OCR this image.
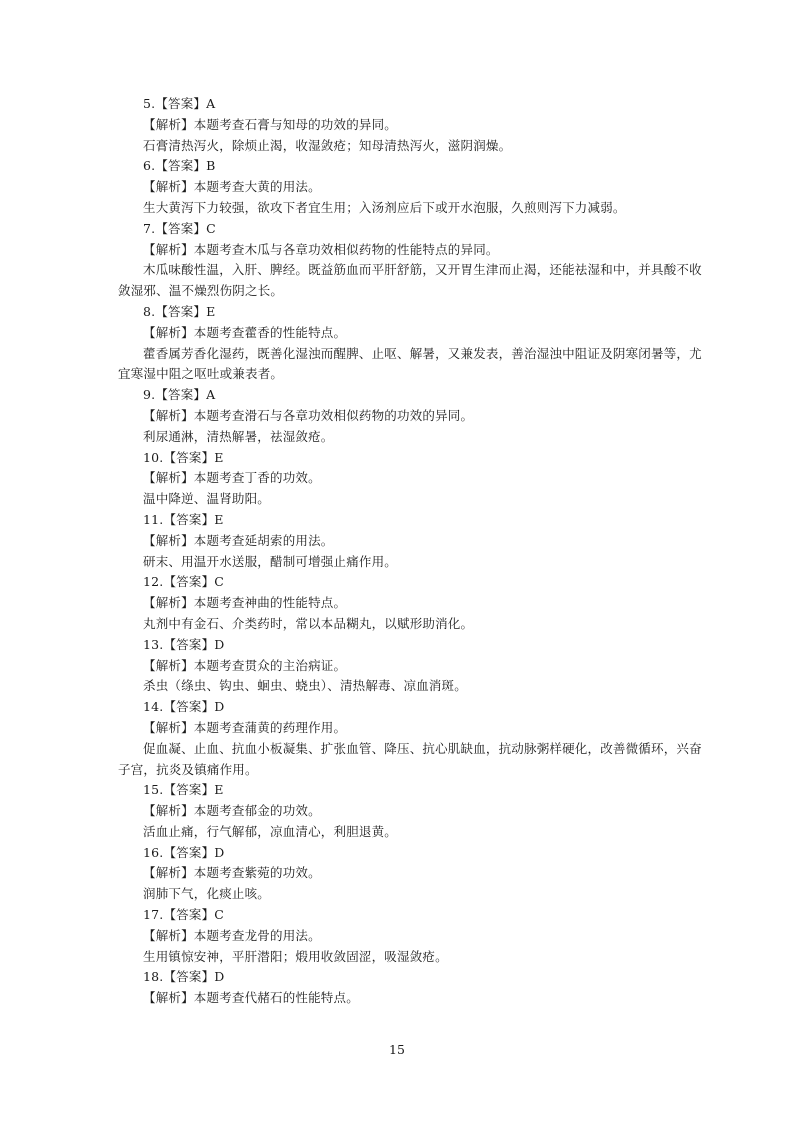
5.【答案】A
【解析】本题考查石膏与知母的功效的异同。
石膏清热泻火，除烦止渴，收湿敛疮；知母清热泻火，滋阴润燥。
6.【答案】B
【解析】本题考查大黄的用法。
生大黄泻下力较强，欲攻下者宜生用；入汤剂应后下或开水泡服，久煎则泻下力减弱。
7.【答案】C
【解析】本题考查木瓜与各章功效相似药物的性能特点的异同。
木瓜味酸性温，入肝、脾经。既益筋血而平肝舒筋，又开胃生津而止渴，还能祛湿和中，并具酸不收
敛湿邪、温不燥烈伤阴之长。
8.【答案】E
【解析】本题考查藿香的性能特点。
藿香属芳香化湿药，既善化湿浊而醒脾、止呕、解暑，又兼发表，善治湿浊中阻证及阴寒闭暑等，尤
宜寒湿中阻之呕吐或兼表者。
9.【答案】A
【解析】本题考查滑石与各章功效相似药物的功效的异同。
利尿通淋，清热解暑，祛湿敛疮。
10.【答案】E
【解析】本题考查丁香的功效。
温中降逆、温肾助阳。
11.【答案】E
【解析】本题考查延胡索的用法。
研末、用温开水送服，醋制可增强止痛作用。
12.【答案】C
【解析】本题考查神曲的性能特点。
丸剂中有金石、介类药时，常以本品糊丸，以赋形助消化。
13.【答案】D
【解析】本题考查贯众的主治病证。
杀虫（绦虫、钩虫、蛔虫、蛲虫）、清热解毒、凉血消斑。
14.【答案】D
【解析】本题考查蒲黄的药理作用。
促血凝、止血、抗血小板凝集、扩张血管、降压、抗心肌缺血，抗动脉粥样硬化，改善微循环，兴奋
子宫，抗炎及镇痛作用。
15.【答案】E
【解析】本题考查郁金的功效。
活血止痛，行气解郁，凉血清心，利胆退黄。
16.【答案】D
【解析】本题考查紫菀的功效。
润肺下气，化痰止咳。
17.【答案】C
【解析】本题考查龙骨的用法。
生用镇惊安神，平肝潜阳；煅用收敛固涩，吸湿敛疮。
18.【答案】D
【解析】本题考查代赭石的性能特点。
15
